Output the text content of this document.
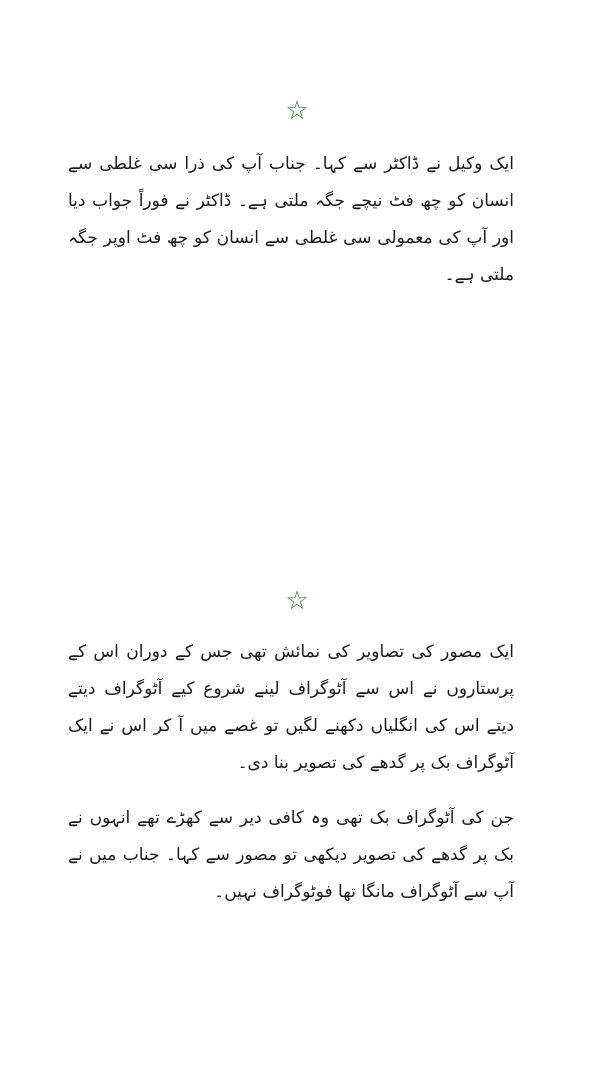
☆

ایک وکیل نے ڈاکٹر سے کہا۔ جناب آپ کی ذرا سی غلطی سے انسان کو چھ فٹ نیچے جگہ ملتی ہے۔ ڈاکٹر نے فوراً جواب دیا اور آپ کی معمولی سی غلطی سے انسان کو چھ فٹ اوپر جگہ ملتی ہے۔

☆

ایک مصور کی تصاویر کی نمائش تھی جس کے دوران اس کے پرستاروں نے اس سے آٹوگراف لینے شروع کیے آٹوگراف دیتے دیتے اس کی انگلیاں دکھنے لگیں تو غصے میں آ کر اس نے ایک آٹوگراف بک پر گدھے کی تصویر بنا دی۔

جن کی آٹوگراف بک تھی وہ کافی دیر سے کھڑے تھے انہوں نے بک پر گدھے کی تصویر دیکھی تو مصور سے کہا۔ جناب میں نے آپ سے آٹوگراف مانگا تھا فوٹوگراف نہیں۔
